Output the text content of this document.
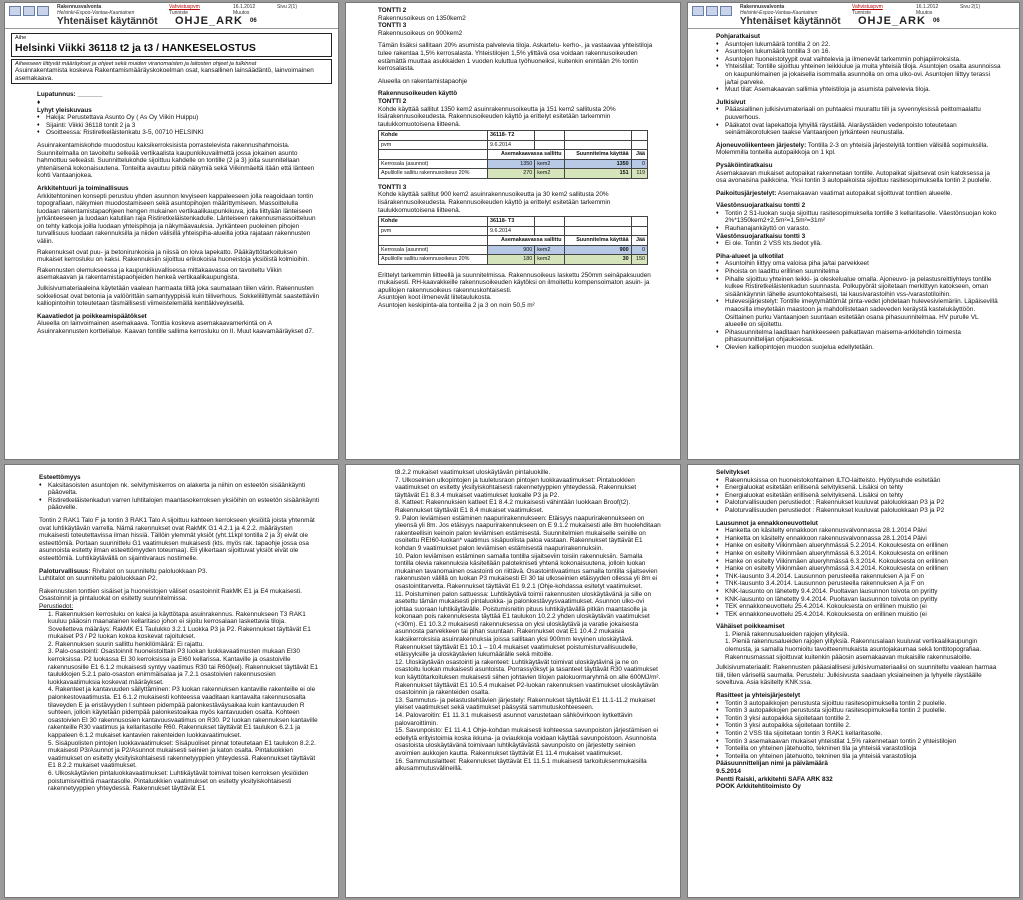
Rakennusvalvonta
Helsinki-Espoo-Vantaa-Kauniainen
Vahvistuspvm
Tunniste
16.1.2012
Muutos
Sivu 2(1)
Yhtenäiset käytännöt OHJE_ARK 06
Aihe
Helsinki Viikki 36118 t2 ja t3 / HANKESELOSTUS
Aiheeseen liittyvät määräykset ja ohjeet sekä muiden viranomaisten ja laitosten ohjeet ja tulkinnat
Asuinrakentamista koskeva Rakentamismääräyskokoelman osat, kansallinen lainsäädäntö, lainvoimainen asemakaava.
Lupatunnus: _______
♦
Lyhyt yleiskuvaus
♦ Hakija: Perustettava Asunto Oy ( As Oy Viikin Huippu)
♦ Sijainti: Viikki 36118 tontit 2 ja 3
♦ Osoitteessa: Ristiretkeläistenkatu 3-5, 00710 HELSINKI
Asuinrakentamiskohde muodostuu kaksikerroksisista porrastelevista rakennushahmoista. Suunnitelmalla on tavoiteltu selkeää vertikaalista kaupunkikuvailmettä jossa jokainen asunto hahmottuu selkeästi. Suunnittelukohde sijoittuu kahdelle on tontille (2 ja 3) joita suunnitellaan yhtenäisenä kokonaisuutena. Tonteilta avautuu pitkiä näkymiä sekä Viikinmäeltä itään että länteen kohti Vantaanjokea.
Arkkitehtuuri ja toiminallisuus
Arkkitehtoninen konsepti perustuu yhden asunnon levyiseen kappaleeseen jolla reagoidaan tontin topografiaan, näkymien muodostamiseen sekä asuntopihojen määrittymiseen. Massoittelulla luodaan rakentamistapaohjeen hengen mukainen vertikaalikaupunkikuva, jolla liittyään länteiseen jyrkänteeseen ja luodaan katutilan raja Ristiretkeläistenkadulle. Länteiseen rakennusmassoitteluun on tehty katkoja joilla luodaan yhteispihoja ja näkymäavauksia. Jyrkänteen puoleinen pihojen turvallisuus luodaan rakennuksilla ja niiden välisillä yhteispiha-alueilla jotka rajataan rakennusten väliin.
Rakennukset ovat puu- ja betonirunkoisia ja niissä on loiva lapekatto. Pääkäyttötarkoituksen mukaiset kerrosluku on kaksi. Rakennuksiin sijoittuu erikokoisia huoneistoja yksiöistä kolmioihin.
Rakennusten olemukseessa ja kaupunkikuvallisessa mittakaavassa on tavoiteltu Viikin asemakaavan ja rakentamistapaohjeiden henkeä vertikaalikaupungista.
Julkisivumateriaaleina käytetään vaalean harmaata tiiltä joka saumataan tiilen värin. Rakennusten sokkeliosat ovat betonia ja valöörittäin samantyyppisiä kuin tiiliverhous. Sokkeliliittymät saastettäviin kalliopintoihin toteutetaan täsmällisesti viimeistelemällä kenttäkiveyksellä.
Kaavatiedot ja poikkeamispäätökset
Alueella on lainvoimainen asemakaava. Tonttia koskeva asemakaavamerkintä on A Asuinrakennusten korttelialue. Kaavan tontille sallima kerrosluku on II. Muut kaavamääräykset d7.
TONTTI 2
Rakennusoikeus on 1350kem2
TONTTI 3
Rakennusoikeus on 900kem2
Tämän lisäksi sallitaan 20% asumista palvelevia tiloja. Askartelu- kerho-, ja vastaavaa yhteistiloja tulee rakentaa 1,5% kerrosalasta. Yhteistilojen 1,5% ylittävä osa voidaan rakennusoikeuden estämättä muuttaa asukkaiden 1 vuoden kuluttua työhuoneiksi, kuitenkin enintään 2% tontin kerrosalasta.
Alueella on rakentamistapaohje
Rakennusoikeuden käyttö
TONTTI 2
Kohde käyttää sallitut 1350 kem2 asuinrakennusoikeutta ja 151 kem2 sallitusta 20% lisärakennusoikeudesta. Rakennusoikeuden käyttö ja erittelyt esitetään tarkemmin taulukkomuotoisena liitteenä.
Kohde	36118- T2			
pvm	9.6.2014			
	Asemakaavassa sallittu		Suunnitelma käyttää	Jää
Kerrosala (asunnot)	1350	kem2	1350	0
Apulilolle sallitu rakennusoikeus 20%	270	kem2	151	119
TONTTI 3
Kohde käyttää sallitut 900 kem2 asuinrakennusoikeutta ja 30 kem2 sallitusta 20% lisärakennusoikeudesta. Rakennusoikeuden käyttö ja erittelyt esitetään tarkemmin taulukkomuotoisena liitteenä.
Kohde	36118- T3			
pvm	9.6.2014			
	Asemakaavassa sallittu		Suunnitelma käyttää	Jää
Kerrosala (asunnot)	900	kem2	900	0
Apulilolle sallitu rakennusoikeus 20%	180	kem2	30	150
Erittelyt tarkemmin liitteellä ja suunnitelmissa. Rakennusoikeus laskettu 250mm seinäpaksuuden mukaisesti. RH-kaavakkeille rakennusoikeuden käytöksi on ilmoitettu kompensoimaton asuin- ja apulilojen rakennusoikeus rakennuskohtaisesti.
Asuntojen koot ilmenevät liitetaulukosta.
Asuntojen keskipinta-ala tonteilla 2 ja 3 on noin 50,5 m²
Rakennusvalvonta
Helsinki-Espoo-Vantaa-Kauniainen
Vahvistuspvm
Tunniste
16.1.2012
Muutos
Sivu 2(1)
Yhtenäiset käytännöt OHJE_ARK 06
Pohjaratkaisut
♦ Asuntojen lukumäärä tontilla 2 on 22.
♦ Asuntojen lukumäärä tontilla 3 on 16.
♦ Asuntojen huoneistotyypit ovat vaihtelevia ja ilmenevät tarkemmin pohjapiirroksista.
♦ Yhteistilat: Tontille sijoittuu yhteinen leikkiulue ja muita yhteisiä tiloja. Asuntojen osalta asunnoissa on kaupunkimainen ja jokaisella isommalla asunnolla on oma ulko-ovi. Asuntojen liittyy terassi ja/tai parveke.
♦ Muut tilat: Asemakaavan sallimia yhteistiloja ja asumista palvelevia tiloja.
Julkisivut
♦ Pääasiallinen julkisivumateriaali on puhtaaksi muurattu tiili ja syvennyksissä peittomaalattu puuverhous.
♦ Pääkatot ovat lapekattoja lyhyillä räystäillä. Alaräystäiden vedenpoisto toteutetaan seinämäkorotuksen taakse Vantaanjoen jyrkänteen reunustalla.
Ajoneuvoliikenteen järjestely: Tontilla 2-3 on yhteisiä järjestelyitä tonttien välisillä sopimuksilla. Molemmilla tonteilla autopaikkoja on 1 kpl.
Pysäköintiratkaisu
Asemakaavan mukaiset autopaikat rakennetaan tontille. Autopaikat sijaitsevat osin katoksessa ja osa avonaisina paikkoina. Yksi tontin 3 autopaikoista sijoittuu rasitesopimuksella tontin 2 puolelle.
Paikoitusjärjestelyt: Asemakaavan vaatimat autopaikat sijoittuvat tonttien alueelle.
Väestönsuojaratkaisu tontti 2
♦ Tontin 2 S1-luokan suoja sijoittuu rasitesopimuksella tontille 3 kellaritasolle. Väestönsuojan koko 2%*1350kem2+2,5m²=1,5m²=31m²
♦ Rauhanajankäyttö on varasto.
Väestönsuojaratkaisu tontti 3
♦ Ei ole. Tontin 2 VSS kts.tiedot yllä.
Piha-alueet ja ulkotilat
♦ Asuntoihin liittyy oma valoisa piha ja/tai parvekkeet
♦ Pihoista on laadittu erillinen suunnitelma
♦ Pihalle sijoittuu yhteinen leikki- ja oleskelualue omalla. Ajoneuvo- ja pelastusreittiyhteys tontille kulkee Ristiretkeläistenkadun suunnasta. Polkupyörät sijoitetaan merkittyyn katokseen, oman sisäänkäynnin lähelle asuntokohtaisesti, tai kausivarastoihin vss-/varastotiloihin.
♦ Hulevesijärjestelyt: Tontille imeytymättömät pinta-vedet johdetaan hulevesiviemäriin. Läpäisevillä maaosilla imeytetään maastoon ja mahdollistetaan sadeveden keräystä kastelukäyttöön. Osittainen purku Vantaanjoen suuntaan esitetään osana pihasuunnitelmaa. HV purulle VL alueelle on sijoitettu.
♦ Pihasuunnitelma laaditaan hankkeeseen palkattavan maisema-arkkitehdin toimesta pihasuunnittelijan ohjauksessa.
♦ Olevien kalliopintojen muodon suojelua edellytetään.
Esteettömyys
♦ Kaksitasoisten asuntojen nk. selvitymiskerros on alakerta ja niihin on esteetön sisäänkäynti pääovelta.
♦ Ristiretkeläistenkadun varren luhtitalojen maantasokerroksen yksiöihin on esteetön sisäänkäynti pääovelle.
Tontin 2 RAK1 Talo F ja tontin 3 RAK1 Talo A sijoittuu kahteen kerrokseen yksiöitä joista yhtenmät ovat luhtikäytävän varrella. Nämä rakennukset ovat RakMK G1 4.2.1 ja 4.2.2. määräysten mukaisesti toteutettavissa ilman hissiä. Tällöin ylemmät yksiöt (yht.11kpl tontilla 2 ja 3) eivät ole esteettömiä. Portaan suunnittelu G1 vaatimuksen mukaisesti (kts. myös rak. tapaohje jossa osa asunnoista esitetty ilman esteettömyyden toteumaa). Eli ylikertaan sijoittuvat yksiöt eivät ole esteettömiä. Luhtikäytävällä on sijaintivaraus nostimelle.
Paloturvallisuus: Rivitalot on suunniteltu paloluokkaan P3.
Luhtitalot on suunniteltu paloluokkaan P2.
Rakennusten tonttien sisäiset ja huoneistojen väliset osastoinnit RakMK E1 ja E4 mukaisesti. Osastoinnit ja pintaluokat on esitetty suunnitelmissa.
Perustiedot:
1. Rakennuksen kerrosluku on kaksi ja käyttötapa asuinrakennus. Rakennukseen T3 RAK1 kuuluu pääosin maanalainen kellaritaso johon ei sijoitu kerrosalaan laskettavia tiloja. Sovelletteva määräys: RakMK E1 Taulukko 3.2.1 Luokka P3 ja P2. Rakennukset täyttävät E1 mukaiset P3 / P2 luokan kokoa koskevat rajoitukset.
2. Rakennuksen suurin sallittu henkilömäärä: Ei rajattu.
3. Palo-osastointi: Osastoinnit huoneistoittain P3 luokan luokkavaatimusten mukaan EI30 kerroksissa. P2 luokassa EI 30 kerroksissa ja EI60 kellarissa. Kantaville ja osastoiville rakennusosille E1 6.1.2 mukaisesti syntyy vaatimus R30 tai R60(kel). Rakennukset täyttävät E1 taulukkojen 5.2.1 palo-osaston enimmäisalaa ja 7.2.1 osastoivien rakennusosien luokkavaatimuksia koskevat määräykset.
4. Rakenteet ja kantavuuden säilyttäminen: P3 luokan rakennuksen kantaville rakenteille ei ole palonkestovaatimusta. E1 6.1.2 mukaisesti kohteessa vaaditaan kantavalta rakennusosalta tilaveyden E ja eristävyyden I suhteen pidempää palonkestäväysaikaa kuin kantavuuden R suhteen, jolloin käytetään pidempää palonkestoaikaa myös kantavuuden osalta. Kohteen osastoivien EI 30 rakennusosien kantavuusvaatimus on R30. P2 luokan rakennuksen kantaville rakenteille R30 vaatimus ja kellaritasolle R60. Rakennukset täyttävät E1 taulukon 6.2.1 ja kappaleen 6.1.2 mukaiset kantavien rakenteiden luokkavaatimukset.
5. Sisäpuolisten pintojen luokkavaatimukset: Sisäpuoliset pinnat toteutetaan E1 taulukon 8.2.2. mukaisesti P3/Asunnot ja P2/Asunnot mukaisesti seinien ja katon osalta. Pintaluokkien vaatimukset on esitetty yksityiskohtaisesti rakennetyyppien yhteydessä. Rakennukset täyttävät E1 8.2.2 mukaiset vaatimukset.
6. Ulkoskäytävien pintaluokkavaatimukset: Luhtikäytävät toimivat toisen kerroksen yksiöiden poistumisreittinä maantasolle. Pintaluokkien vaatimukset on esitetty yksityiskohtaisesti rakennetyyppien yhteydessä. Rakennukset täyttävät E1
t8.2.2 mukaiset vaatimukset uloskäytävän pintaluokille.
7. Ulkoseinien ulkopintojen ja tuuletusraon pintojen luokkavaatimukset: Pintaluokkien vaatimukset on esitetty yksityiskohtaisesti rakennetyyppien yhteydessä. Rakennukset täyttävät E1 8.3.4 mukaiset vaatimukset luokalle P3 ja P2.
8. Katteet: Rakennuksien katteet E1 8.4.2 mukaisesti vähintään luokkaan Broof(t2). Rakennukset täyttävät E1 8.4 mukaiset vaatimukset.
9. Palon leviämisen estäminen naapurirakennukseen: Etäisyys naapurirakennukseen on yleensä yli 8m. Jos etäisyys naapurirakennukseen on E 9.1.2 mukaisesti alle 8m huolehditaan rakenteellisin keinoin palon leviämisen estämisestä. Suunnitelmien mukaiselle seinille on osoitettu REI60-luokan* vaatimus sisäpuolista paloa vastaan. Rakennukset täyttävät E1 kohdan 9 vaatimukset palon leviämisen estämisestä naapurirakennuksiin.
10. Palon leviämisen estäminen samalla tontilla sijaitseviin toisiin rakennuksiin. Samalla tontilla olevia rakennuksia käsitellään palotekniseti yhtenä kokonaisuutena, jolloin luokan mukainen tavanomainen osastointi on riittävä. Osastointivaatimus samalla tontilla sijaitsevien rakennusten välillä on luokan P3 mukaisesti EI 30 tai ulkoseinien etäisyyden ollessa yli 8m ei osastointitarvetta. Rakennukset täyttävät E1 9.2.1 (Ohje-kohdassa esitetyt vaatimukset.
11. Poistuminen palon sattuessa: Luhtikäytävä toimii rakennusten uloskäytävänä ja sille on asetettu tämän mukaisesti pintaluokka- ja palonkestävyysvaatimukset. Asunnon ulko-ovi johtaa suoraan luhtikäytävälle. Poistumisreitin pituus luhtikäytävällä pitkän maantasolle ja kokonaan pois rakennuksesta täyttää E1 taulukon 10.2.2 yhden uloskäytävän vaatimukset (<30m). E1 10.3.2 mukaisesti rakennuksessa on yksi uloskäytävä ja varatie jokaisesta asunnosta parvekkeen tai pihan suuntaan. Rakennukset ovat E1 10.4.2 mukaisia kaksikerroksisia asuinrakennuksia joissa sallitaan yksi 900mm levyinen uloskäytävä. Rakennukset täyttävät E1 10.1 – 10.4 mukaiset vaatimukset poistumisturvallisuudelle, etäisyyksille ja uloskäytävien lukumäärälle sekä mitoille.
12. Uloskäytävän osastointi ja rakenteet: Luhtikäytävät toimivat uloskäytävinä ja ne on osastoitu luokan mukaisesti asuntoista. Porrassyöksyt ja tasanteet täyttävät R30 vaatimukset kun käyttötarkoituksen mukaisesti siihen johtavien tilojen palokuormaryhmä on alle 600MJ/m². Rakennukset täyttävät E1 10.5.4 mukaiset P2-luokan rakennuksen vaatimukset uloskäytävän osastoinnin ja rakenteiden osalta.
13. Sammutus- ja pelastustehtävien järjestely: Rakennukset täyttävät E1 11.1-11.2 mukaiset yleiset vaatimukset sekä vaatimukset pääsystä sammutuskohteeseen.
14. Palovaroitin: E1 11.3.1 mukaisesti asunnot varustetaan sähkövirkoon kytkettävin palovaroittimin.
15. Savunpoisto: E1 11.4.1 Ohje-kohdan mukaisesti kohteessa savunpoiston järjestämisen ei edellytä erityistoimia koska ikkuna- ja oviaukkoja voidaan käyttää savunpoistoon. Asunnoista osastoista uloskäytävänä toimivaan luhtikäytävästä savunpoisto on järjestetty seinien avoimien aukkojen kautta. Rakennukset täyttävät E1 11.4 mukaiset vaatimukset.
16. Sammutuslaitteet: Rakennukset täyttävät E1 11.5.1 mukaisesti tarkoituksenmukaisilla alkusammutusvälineillä.
Selvitykset
♦ Rakennuksissa on huoneistokohtainen ILTO-laitteisto. Hyötysuhde esitetään
♦ Energialuokat esitetään erillisenä selvityksenä. Lisäksi on tehty
♦ Energialuokat esitetään erillisenä selvityksenä. Lisäksi on tehty
♦ Paloturvallisuuden perustiedot : Rakennukset kuuluvat paloluokkaan P3 ja P2
♦ Paloturvallisuuden perustiedot : Rakennukset kuuluvat paloluokkaan P3 ja P2
Lausunnot ja ennakkoneuvottelut
♦ Hanketta on käsitelty ennakkoon rakennusvalvonnassa 28.1.2014 Päivi
♦ Hanketta on käsitelty ennakkoon rakennusvalvonnassa 28.1.2014 Päivi
♦ Hanke on esitelty Viikinmäen alueryhmässä 5.2.2014. Kokouksesta on erillinen
♦ Hanke on esitelty Viikinmäen alueryhmässä 6.3.2014. Kokouksesta on erillinen
♦ Hanke on esitelty Viikinmäen alueryhmässä 6.3.2014. Kokouksesta on erillinen
♦ Hanke on esitelty Viikinmäen alueryhmässä 3.4.2014. Kokouksesta on erillinen
♦ TNK-lausunto 3.4.2014. Lausunnon perusteella rakennuksen A ja F on
♦ TNK-lausunto 3.4.2014. Lausunnon perusteella rakennuksen A ja F on
♦ KNK-lausunto on lähetetty 9.4.2014. Puoltavan lausunnon toivota on pyritty
♦ KNK-lausunto on lähetetty 9.4.2014. Puoltavan lausunnon toivota on pyritty
♦ TEK ennakkoneuvottelu 25.4.2014. Kokouksesta on erillinen muistio (ei
♦ TEK ennakkoneuvottelu 25.4.2014. Kokouksesta on erillinen muistio (ei
Vähäiset poikkeamiset
1. Pieniä rakennusalueiden rajojen ylityksiä.
1. Pieniä rakennusalueiden rajojen ylityksiä. Rakennusalaan kuuluvat vertikaalikaupungin olemusta, ja samalla huomioitu tavoitteenmukaista asuntojakaumaa sekä tonttitopografiaa. Rakennusmassat sijoittuvat kuitenkin pääosin asemakaavan mukaisille rakennusaloille.
Julkisivumateriaalit: Rakennusten pääasiallisesi julkisivumateriaalisi on suunniteltu vaalean harmaa tiili, tiilen värisellä saumalla. Perustelu: Julkisivusta saadaan yksiaineinen ja lyhyelle räystäälle soveltuva. Asia käsitelty KNK:ssa.
Rasitteet ja yhteisjärjestelyt
♦ Tontin 3 autopaikkojen perustusta sijoittuu rasitesopimuksella tontin 2 puolelle.
♦ Tontin 3 autopaikkojen perustusta sijoittuu rasitesopimuksella tontin 2 puolelle.
♦ Tontin 3 yksi autopaikka sijoitetaan tontille 2.
♦ Tontin 3 yksi autopaikka sijoitetaan tontille 2.
♦ Tontin 2 VSS tila sijoitetaan tontin 3 RAK1 kellaritasolle.
♦ Tontin 3 asemakaavan mukaiset yhteistilat 1,5% rakennetaan tontin 2 yhteistilojen
♦ Tonteilla on yhteinen jätehuolto, tekninen tila ja yhteisiä varastotiloja
♦ Tonteilla on yhteinen jätehuolto, tekninen tila ja yhteisiä varastotiloja
Pääsuunnittelijan nimi ja päivämäärä
9.5.2014
Pentti Raiski, arkkitehti SAFA ARK 832
POOK Arkkitehtitoimisto Oy
